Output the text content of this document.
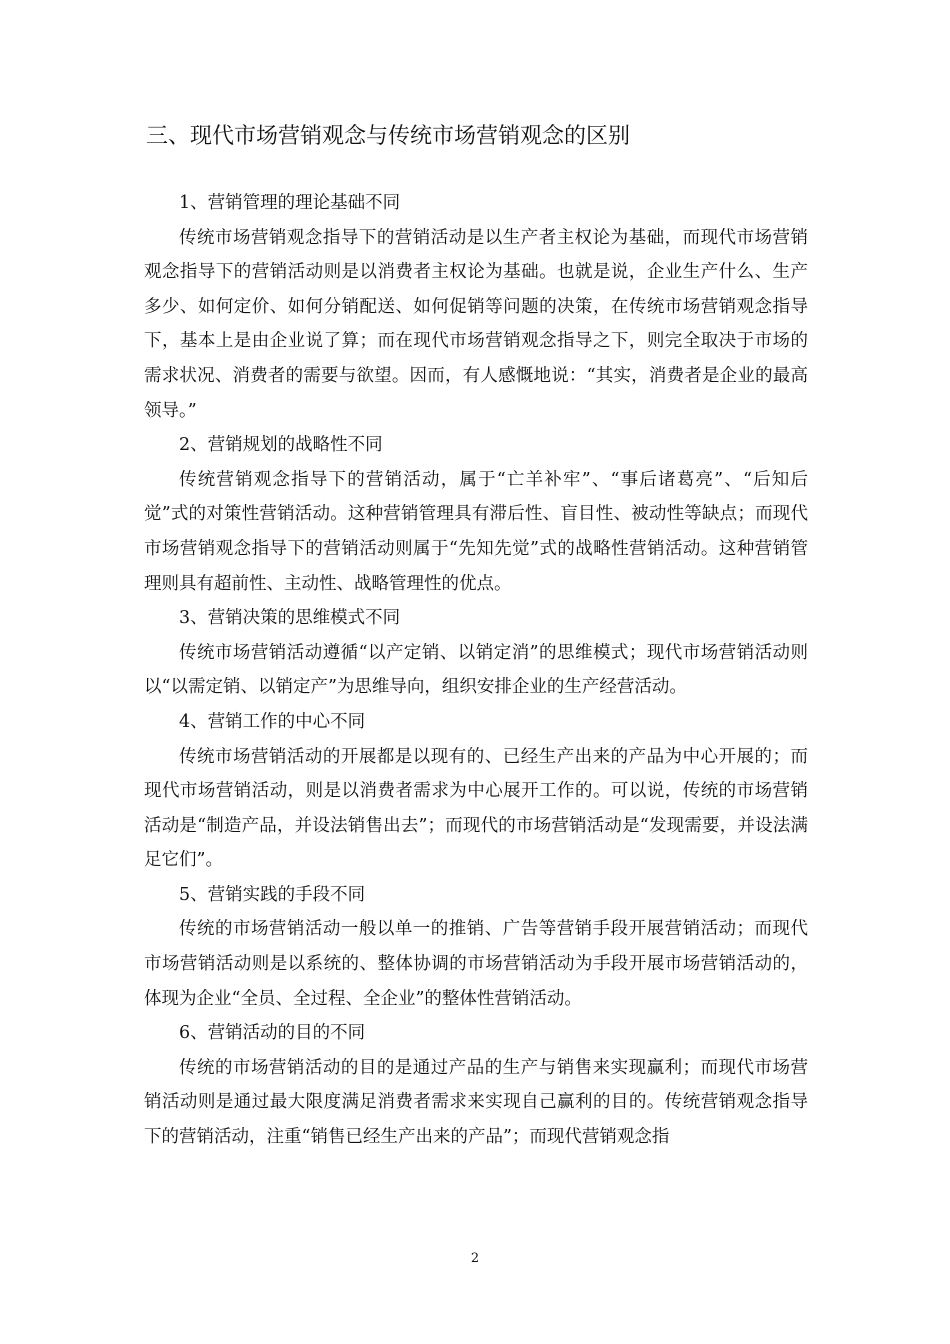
三、现代市场营销观念与传统市场营销观念的区别

1、营销管理的理论基础不同

传统市场营销观念指导下的营销活动是以生产者主权论为基础，而现代市场营销观念指导下的营销活动则是以消费者主权论为基础。也就是说，企业生产什么、生产多少、如何定价、如何分销配送、如何促销等问题的决策，在传统市场营销观念指导下，基本上是由企业说了算；而在现代市场营销观念指导之下，则完全取决于市场的需求状况、消费者的需要与欲望。因而，有人感慨地说：“其实，消费者是企业的最高领导。”

2、营销规划的战略性不同

传统营销观念指导下的营销活动，属于“亡羊补牢”、“事后诸葛亮”、“后知后觉”式的对策性营销活动。这种营销管理具有滞后性、盲目性、被动性等缺点；而现代市场营销观念指导下的营销活动则属于“先知先觉”式的战略性营销活动。这种营销管理则具有超前性、主动性、战略管理性的优点。

3、营销决策的思维模式不同

传统市场营销活动遵循“以产定销、以销定消”的思维模式；现代市场营销活动则以“以需定销、以销定产”为思维导向，组织安排企业的生产经营活动。

4、营销工作的中心不同

传统市场营销活动的开展都是以现有的、已经生产出来的产品为中心开展的；而现代市场营销活动，则是以消费者需求为中心展开工作的。可以说，传统的市场营销活动是“制造产品，并设法销售出去”；而现代的市场营销活动是“发现需要，并设法满足它们”。

5、营销实践的手段不同

传统的市场营销活动一般以单一的推销、广告等营销手段开展营销活动；而现代市场营销活动则是以系统的、整体协调的市场营销活动为手段开展市场营销活动的，体现为企业“全员、全过程、全企业”的整体性营销活动。

6、营销活动的目的不同

传统的市场营销活动的目的是通过产品的生产与销售来实现赢利；而现代市场营销活动则是通过最大限度满足消费者需求来实现自己赢利的目的。传统营销观念指导下的营销活动，注重“销售已经生产出来的产品”；而现代营销观念指

2
